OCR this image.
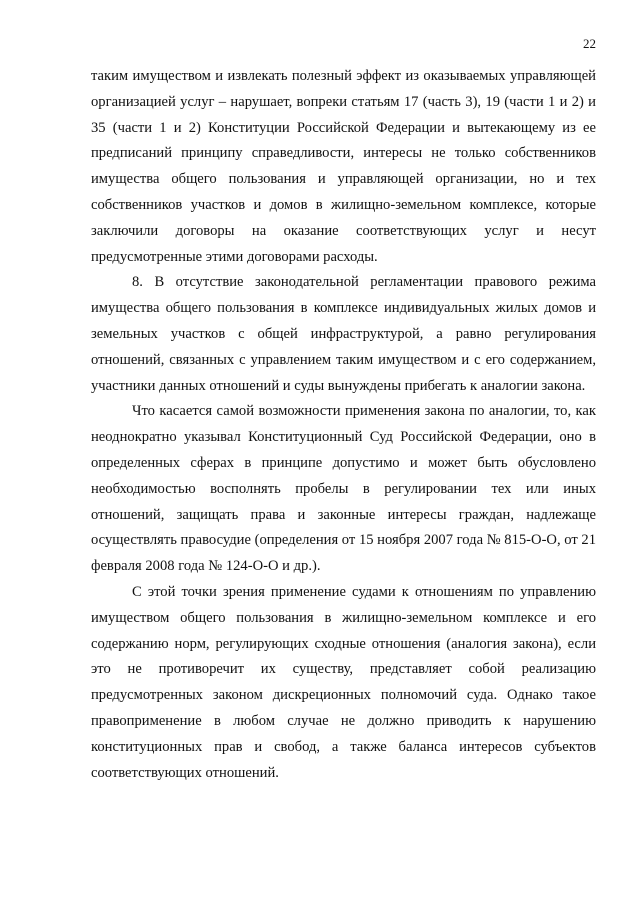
22

таким имуществом и извлекать полезный эффект из оказываемых управляющей организацией услуг – нарушает, вопреки статьям 17 (часть 3), 19 (части 1 и 2) и 35 (части 1 и 2) Конституции Российской Федерации и вытекающему из ее предписаний принципу справедливости, интересы не только собственников имущества общего пользования и управляющей организации, но и тех собственников участков и домов в жилищно-земельном комплексе, которые заключили договоры на оказание соответствующих услуг и несут предусмотренные этими договорами расходы.

8. В отсутствие законодательной регламентации правового режима имущества общего пользования в комплексе индивидуальных жилых домов и земельных участков с общей инфраструктурой, а равно регулирования отношений, связанных с управлением таким имуществом и с его содержанием, участники данных отношений и суды вынуждены прибегать к аналогии закона.

Что касается самой возможности применения закона по аналогии, то, как неоднократно указывал Конституционный Суд Российской Федерации, оно в определенных сферах в принципе допустимо и может быть обусловлено необходимостью восполнять пробелы в регулировании тех или иных отношений, защищать права и законные интересы граждан, надлежаще осуществлять правосудие (определения от 15 ноября 2007 года № 815-О-О, от 21 февраля 2008 года № 124-О-О и др.).

С этой точки зрения применение судами к отношениям по управлению имуществом общего пользования в жилищно-земельном комплексе и его содержанию норм, регулирующих сходные отношения (аналогия закона), если это не противоречит их существу, представляет собой реализацию предусмотренных законом дискреционных полномочий суда. Однако такое правоприменение в любом случае не должно приводить к нарушению конституционных прав и свобод, а также баланса интересов субъектов соответствующих отношений.
